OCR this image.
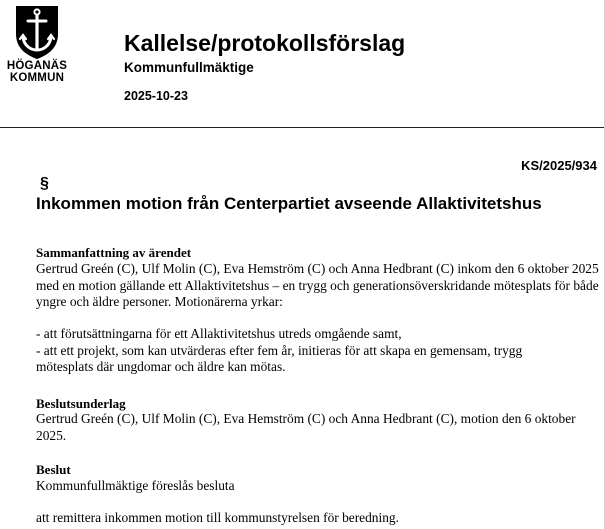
HÖGANÄS
KOMMUN
Kallelse/protokollsförslag
Kommunfullmäktige
2025-10-23
KS/2025/934
§
Inkommen motion från Centerpartiet avseende Allaktivitetshus
Sammanfattning av ärendet

Gertrud Greén (C), Ulf Molin (C), Eva Hemström (C) och Anna Hedbrant (C) inkom den 6 oktober 2025

med en motion gällande ett Allaktivitetshus – en trygg och generationsöverskridande mötesplats för både

yngre och äldre personer. Motionärerna yrkar:

- att förutsättningarna för ett Allaktivitetshus utreds omgående samt,

- att ett projekt, som kan utvärderas efter fem år, initieras för att skapa en gemensam, trygg

mötesplats där ungdomar och äldre kan mötas.

Beslutsunderlag

Gertrud Greén (C), Ulf Molin (C), Eva Hemström (C) och Anna Hedbrant (C), motion den 6 oktober

2025.

Beslut
Kommunfullmäktige föreslås besluta
att remittera inkommen motion till kommunstyrelsen för beredning.
